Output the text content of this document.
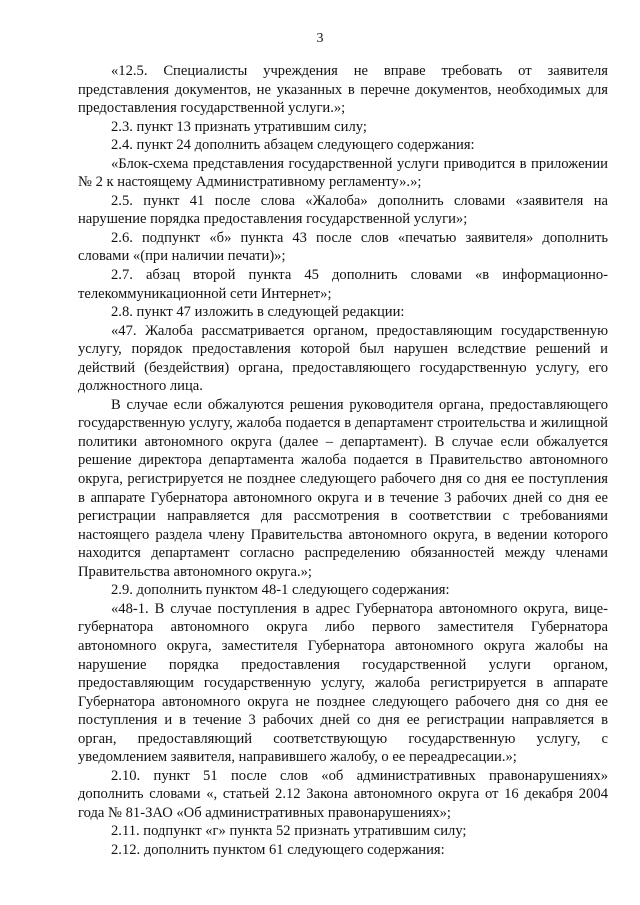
3

«12.5. Специалисты учреждения не вправе требовать от заявителя представления документов, не указанных в перечне документов, необходимых для предоставления государственной услуги.»;

2.3. пункт 13 признать утратившим силу;

2.4. пункт 24 дополнить абзацем следующего содержания:

«Блок-схема представления государственной услуги приводится в приложении № 2 к настоящему Административному регламенту».»;

2.5. пункт 41 после слова «Жалоба» дополнить словами «заявителя на нарушение порядка предоставления государственной услуги»;

2.6. подпункт «б» пункта 43 после слов «печатью заявителя» дополнить словами «(при наличии печати)»;

2.7. абзац второй пункта 45 дополнить словами «в информационно-телекоммуникационной сети Интернет»;

2.8. пункт 47 изложить в следующей редакции:

«47. Жалоба рассматривается органом, предоставляющим государственную услугу, порядок предоставления которой был нарушен вследствие решений и действий (бездействия) органа, предоставляющего государственную услугу, его должностного лица.

В случае если обжалуются решения руководителя органа, предоставляющего государственную услугу, жалоба подается в департамент строительства и жилищной политики автономного округа (далее – департамент). В случае если обжалуется решение директора департамента жалоба подается в Правительство автономного округа, регистрируется не позднее следующего рабочего дня со дня ее поступления в аппарате Губернатора автономного округа и в течение 3 рабочих дней со дня ее регистрации направляется для рассмотрения в соответствии с требованиями настоящего раздела члену Правительства автономного округа, в ведении которого находится департамент согласно распределению обязанностей между членами Правительства автономного округа.»;

2.9. дополнить пунктом 48-1 следующего содержания:

«48-1. В случае поступления в адрес Губернатора автономного округа, вице-губернатора автономного округа либо первого заместителя Губернатора автономного округа, заместителя Губернатора автономного округа жалобы на нарушение порядка предоставления государственной услуги органом, предоставляющим государственную услугу, жалоба регистрируется в аппарате Губернатора автономного округа не позднее следующего рабочего дня со дня ее поступления и в течение 3 рабочих дней со дня ее регистрации направляется в орган, предоставляющий соответствующую государственную услугу, с уведомлением заявителя, направившего жалобу, о ее переадресации.»;

2.10. пункт 51 после слов «об административных правонарушениях» дополнить словами «, статьей 2.12 Закона автономного округа от 16 декабря 2004 года № 81-ЗАО «Об административных правонарушениях»;

2.11. подпункт «г» пункта 52 признать утратившим силу;

2.12. дополнить пунктом 61 следующего содержания:
